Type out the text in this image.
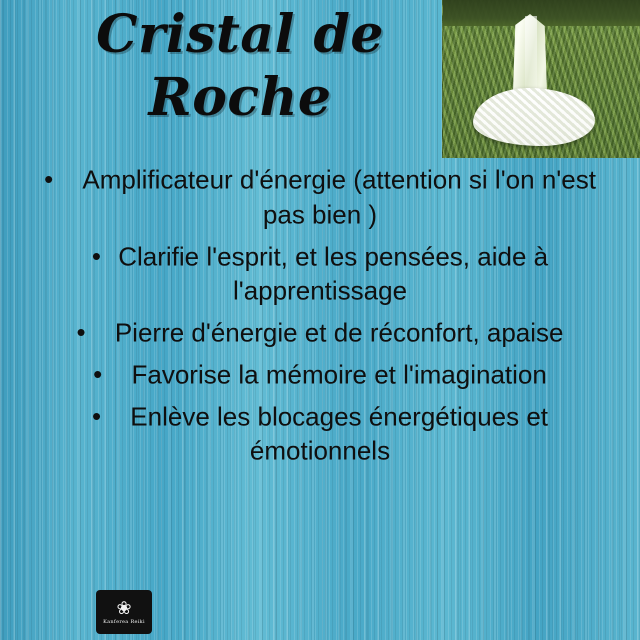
Cristal de
Roche
• Amplificateur d'énergie (attention si l'on n'est pas bien )
• Clarifie l'esprit, et les pensées, aide à l'apprentissage
• Pierre d'énergie et de réconfort, apaise
• Favorise la mémoire et l'imagination
• Enlève les blocages énergétiques et émotionnels
❀
Kanferea Reiki
